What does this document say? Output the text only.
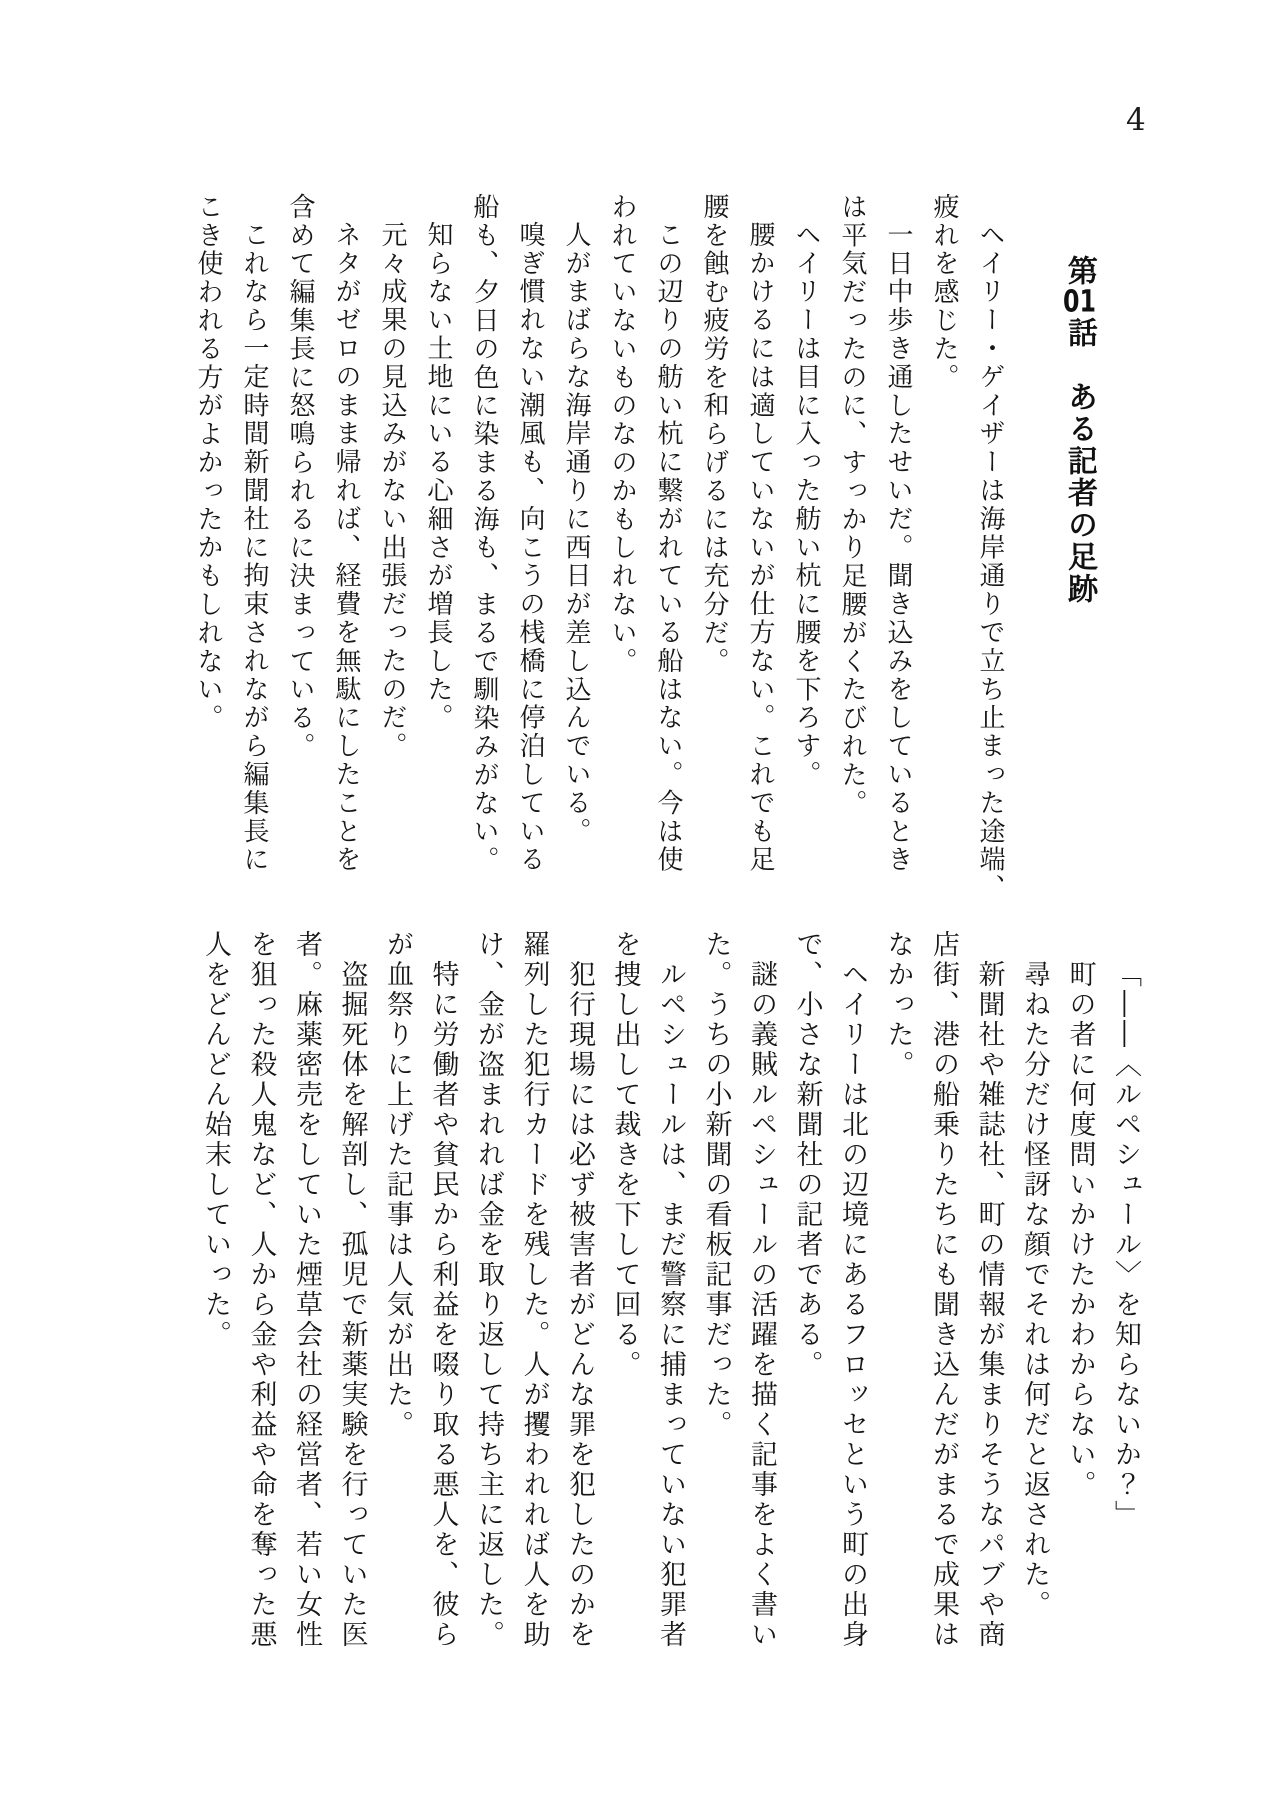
4
第01話　ある記者の足跡
ヘイリー・ゲイザーは海岸通りで立ち止まった途端、
疲れを感じた。
一日中歩き通したせいだ。聞き込みをしているとき
は平気だったのに、すっかり足腰がくたびれた。
ヘイリーは目に入った舫い杭に腰を下ろす。
腰かけるには適していないが仕方ない。これでも足
腰を蝕む疲労を和らげるには充分だ。
この辺りの舫い杭に繋がれている船はない。今は使
われていないものなのかもしれない。
人がまばらな海岸通りに西日が差し込んでいる。
嗅ぎ慣れない潮風も、向こうの桟橋に停泊している
船も、夕日の色に染まる海も、まるで馴染みがない。
知らない土地にいる心細さが増長した。
元々成果の見込みがない出張だったのだ。
ネタがゼロのまま帰れば、経費を無駄にしたことを
含めて編集長に怒鳴られるに決まっている。
これなら一定時間新聞社に拘束されながら編集長に
こき使われる方がよかったかもしれない。
「――〈ルペシュール〉を知らないか？」
町の者に何度問いかけたかわからない。
尋ねた分だけ怪訝な顔でそれは何だと返された。
新聞社や雑誌社、町の情報が集まりそうなパブや商
店街、港の船乗りたちにも聞き込んだがまるで成果は
なかった。
ヘイリーは北の辺境にあるフロッセという町の出身
で、小さな新聞社の記者である。
謎の義賊ルペシュールの活躍を描く記事をよく書い
た。うちの小新聞の看板記事だった。
ルペシュールは、まだ警察に捕まっていない犯罪者
を捜し出して裁きを下して回る。
犯行現場には必ず被害者がどんな罪を犯したのかを
羅列した犯行カードを残した。人が攫われれば人を助
け、金が盗まれれば金を取り返して持ち主に返した。
特に労働者や貧民から利益を啜り取る悪人を、彼ら
が血祭りに上げた記事は人気が出た。
盗掘死体を解剖し、孤児で新薬実験を行っていた医
者。麻薬密売をしていた煙草会社の経営者、若い女性
を狙った殺人鬼など、人から金や利益や命を奪った悪
人をどんどん始末していった。
